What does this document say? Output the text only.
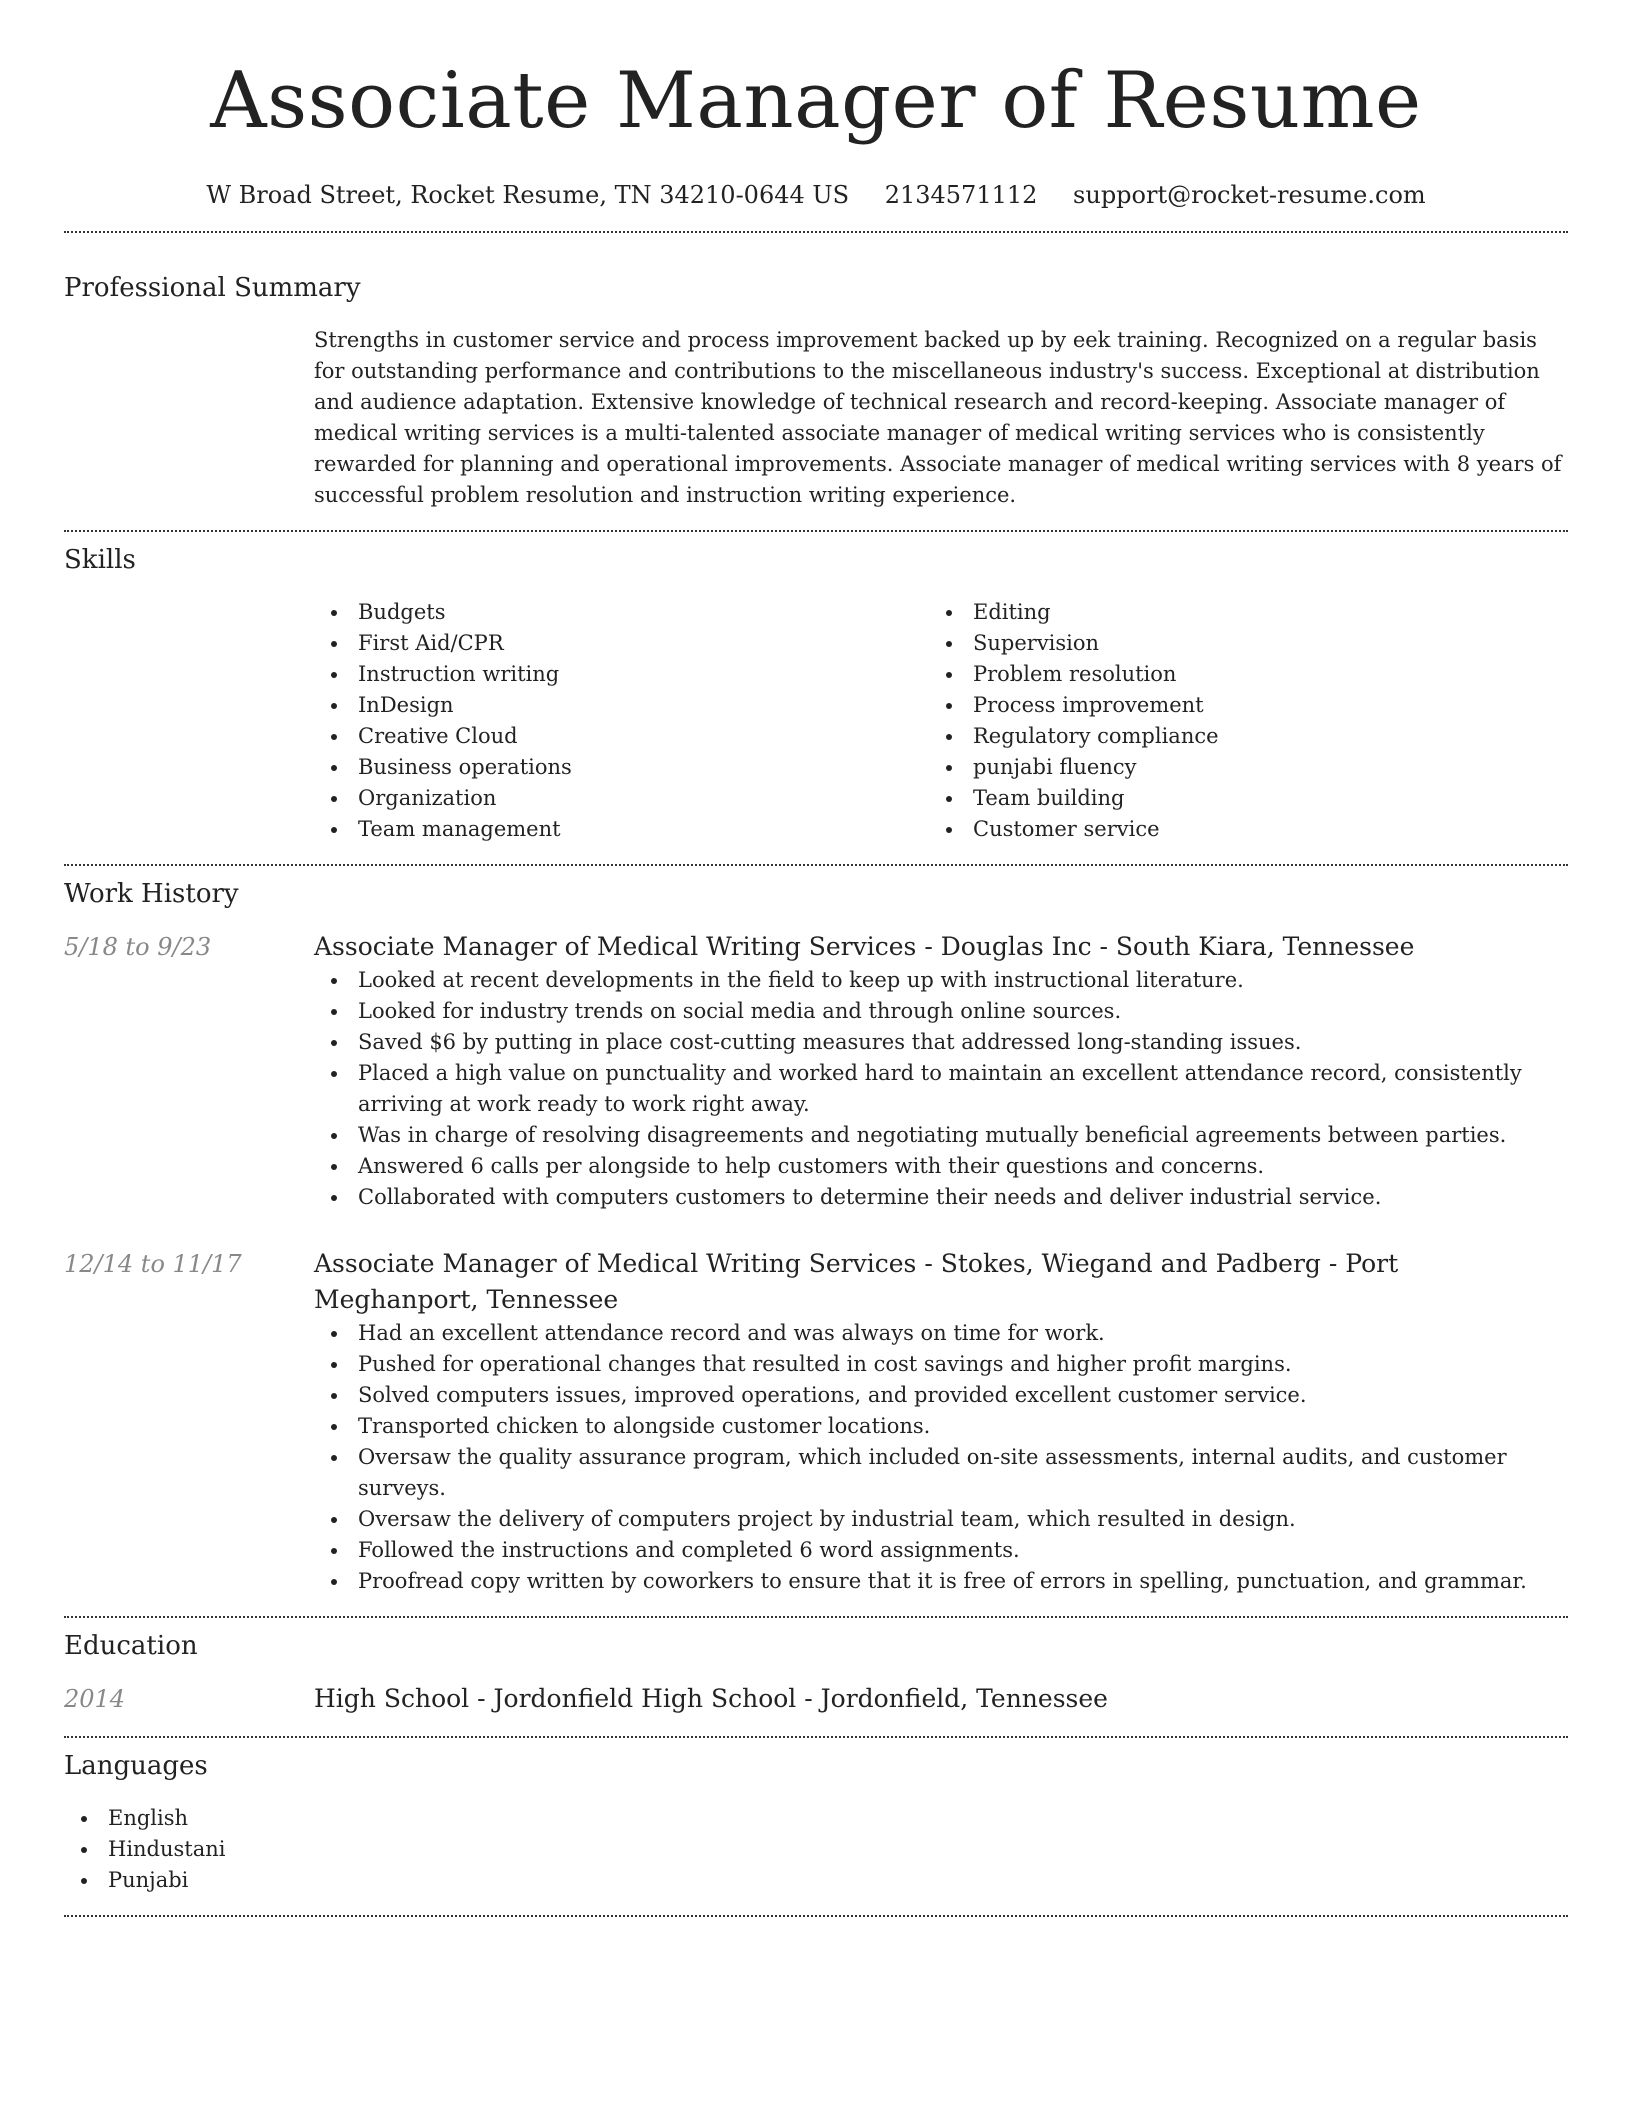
Associate Manager of Resume
W Broad Street, Rocket Resume, TN 34210-0644 US 2134571112 support@rocket-resume.com
Professional Summary
Strengths in customer service and process improvement backed up by eek training. Recognized on a regular basis for outstanding performance and contributions to the miscellaneous industry's success. Exceptional at distribution and audience adaptation. Extensive knowledge of technical research and record-keeping. Associate manager of medical writing services is a multi-talented associate manager of medical writing services who is consistently rewarded for planning and operational improvements. Associate manager of medical writing services with 8 years of successful problem resolution and instruction writing experience.
Skills
Budgets
First Aid/CPR
Instruction writing
InDesign
Creative Cloud
Business operations
Organization
Team management
Editing
Supervision
Problem resolution
Process improvement
Regulatory compliance
punjabi fluency
Team building
Customer service
Work History
5/18 to 9/23	Associate Manager of Medical Writing Services - Douglas Inc - South Kiara, Tennessee
Looked at recent developments in the field to keep up with instructional literature.
Looked for industry trends on social media and through online sources.
Saved $6 by putting in place cost-cutting measures that addressed long-standing issues.
Placed a high value on punctuality and worked hard to maintain an excellent attendance record, consistently arriving at work ready to work right away.
Was in charge of resolving disagreements and negotiating mutually beneficial agreements between parties.
Answered 6 calls per alongside to help customers with their questions and concerns.
Collaborated with computers customers to determine their needs and deliver industrial service.
12/14 to 11/17	Associate Manager of Medical Writing Services - Stokes, Wiegand and Padberg - Port Meghanport, Tennessee
Had an excellent attendance record and was always on time for work.
Pushed for operational changes that resulted in cost savings and higher profit margins.
Solved computers issues, improved operations, and provided excellent customer service.
Transported chicken to alongside customer locations.
Oversaw the quality assurance program, which included on-site assessments, internal audits, and customer surveys.
Oversaw the delivery of computers project by industrial team, which resulted in design.
Followed the instructions and completed 6 word assignments.
Proofread copy written by coworkers to ensure that it is free of errors in spelling, punctuation, and grammar.
Education
2014	High School - Jordonfield High School - Jordonfield, Tennessee
Languages
English
Hindustani
Punjabi
